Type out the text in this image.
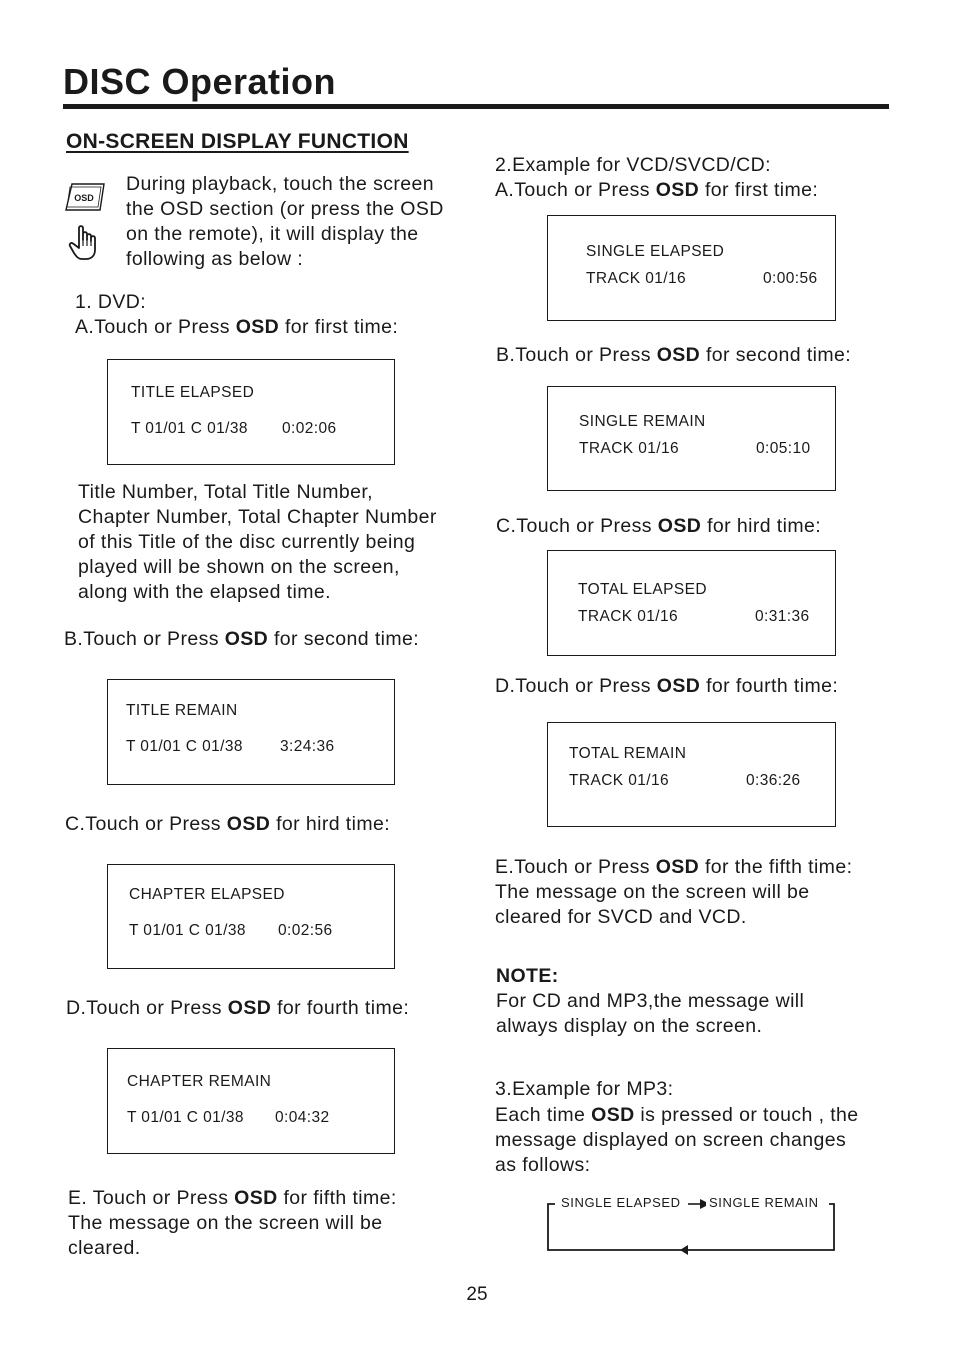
DISC Operation
ON-SCREEN DISPLAY FUNCTION
OSD
During playback, touch the screen
the OSD section (or press the OSD
on the remote), it will display the
following as below :
1. DVD:
A.Touch or Press OSD for first time:
TITLE ELAPSED
T 01/01 C 01/38 0:02:06
Title Number, Total Title Number,
Chapter Number, Total Chapter Number
of this Title of the disc currently being
played will be shown on the screen,
along with the elapsed time.
B.Touch or Press OSD for second time:
TITLE REMAIN
T 01/01 C 01/38 3:24:36
C.Touch or Press OSD for hird time:
CHAPTER ELAPSED
T 01/01 C 01/38 0:02:56
D.Touch or Press OSD for fourth time:
CHAPTER REMAIN
T 01/01 C 01/38 0:04:32
E. Touch or Press OSD for fifth time:
The message on the screen will be
cleared.
2.Example for VCD/SVCD/CD:
A.Touch or Press OSD for first time:
SINGLE ELAPSED
TRACK 01/16	0:00:56
B.Touch or Press OSD for second time:
SINGLE REMAIN
TRACK 01/16	0:05:10
C.Touch or Press OSD for hird time:
TOTAL ELAPSED
TRACK 01/16	0:31:36
D.Touch or Press OSD for fourth time:
TOTAL REMAIN
TRACK 01/16	0:36:26
E.Touch or Press OSD for the fifth time:
The message on the screen will be
cleared for SVCD and VCD.
NOTE:
For CD and MP3,the message will
always display on the screen.
3.Example for MP3:
Each time OSD is pressed or touch , the
message displayed on screen changes
as follows:
SINGLE ELAPSED SINGLE REMAIN
25
